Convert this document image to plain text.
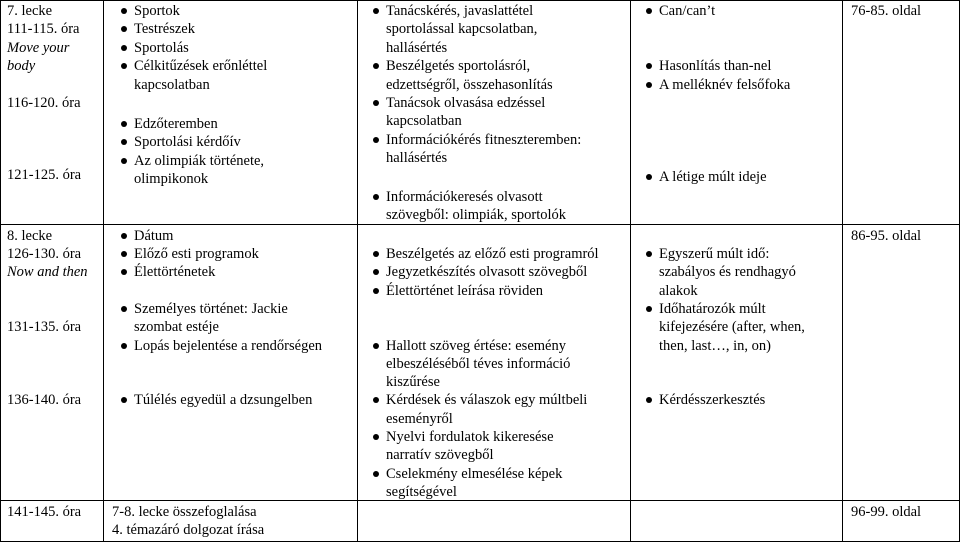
7. lecke
111-115. óra
Move your
body
116-120. óra
121-125. óra
8. lecke
126-130. óra
Now and then
131-135. óra
136-140. óra
141-145. óra
Sportok
Testrészek
Sportolás
Célkitűzések erőnléttel
kapcsolatban
Edzőteremben
Sportolási kérdőív
Az olimpiák története,
olimpikonok
Dátum
Előző esti programok
Élettörténetek
Személyes történet: Jackie
szombat estéje
Lopás bejelentése a rendőrségen
Túlélés egyedül a dzsungelben
7-8. lecke összefoglalása
4. témazáró dolgozat írása
Tanácskérés, javaslattétel
sportolással kapcsolatban,
hallásértés
Beszélgetés sportolásról,
edzettségről, összehasonlítás
Tanácsok olvasása edzéssel
kapcsolatban
Információkérés fitneszteremben:
hallásértés
Információkeresés olvasott
szövegből: olimpiák, sportolók
Beszélgetés az előző esti programról
Jegyzetkészítés olvasott szövegből
Élettörténet leírása röviden
Hallott szöveg értése: esemény
elbeszéléséből téves információ
kiszűrése
Kérdések és válaszok egy múltbeli
eseményről
Nyelvi fordulatok kikeresése
narratív szövegből
Cselekmény elmesélése képek
segítségével
Can/can’t
Hasonlítás than-nel
A melléknév felsőfoka
A létige múlt ideje
Egyszerű múlt idő:
szabályos és rendhagyó
alakok
Időhatározók múlt
kifejezésére (after, when,
then, last…, in, on)
Kérdésszerkesztés
76-85. oldal
86-95. oldal
96-99. oldal
